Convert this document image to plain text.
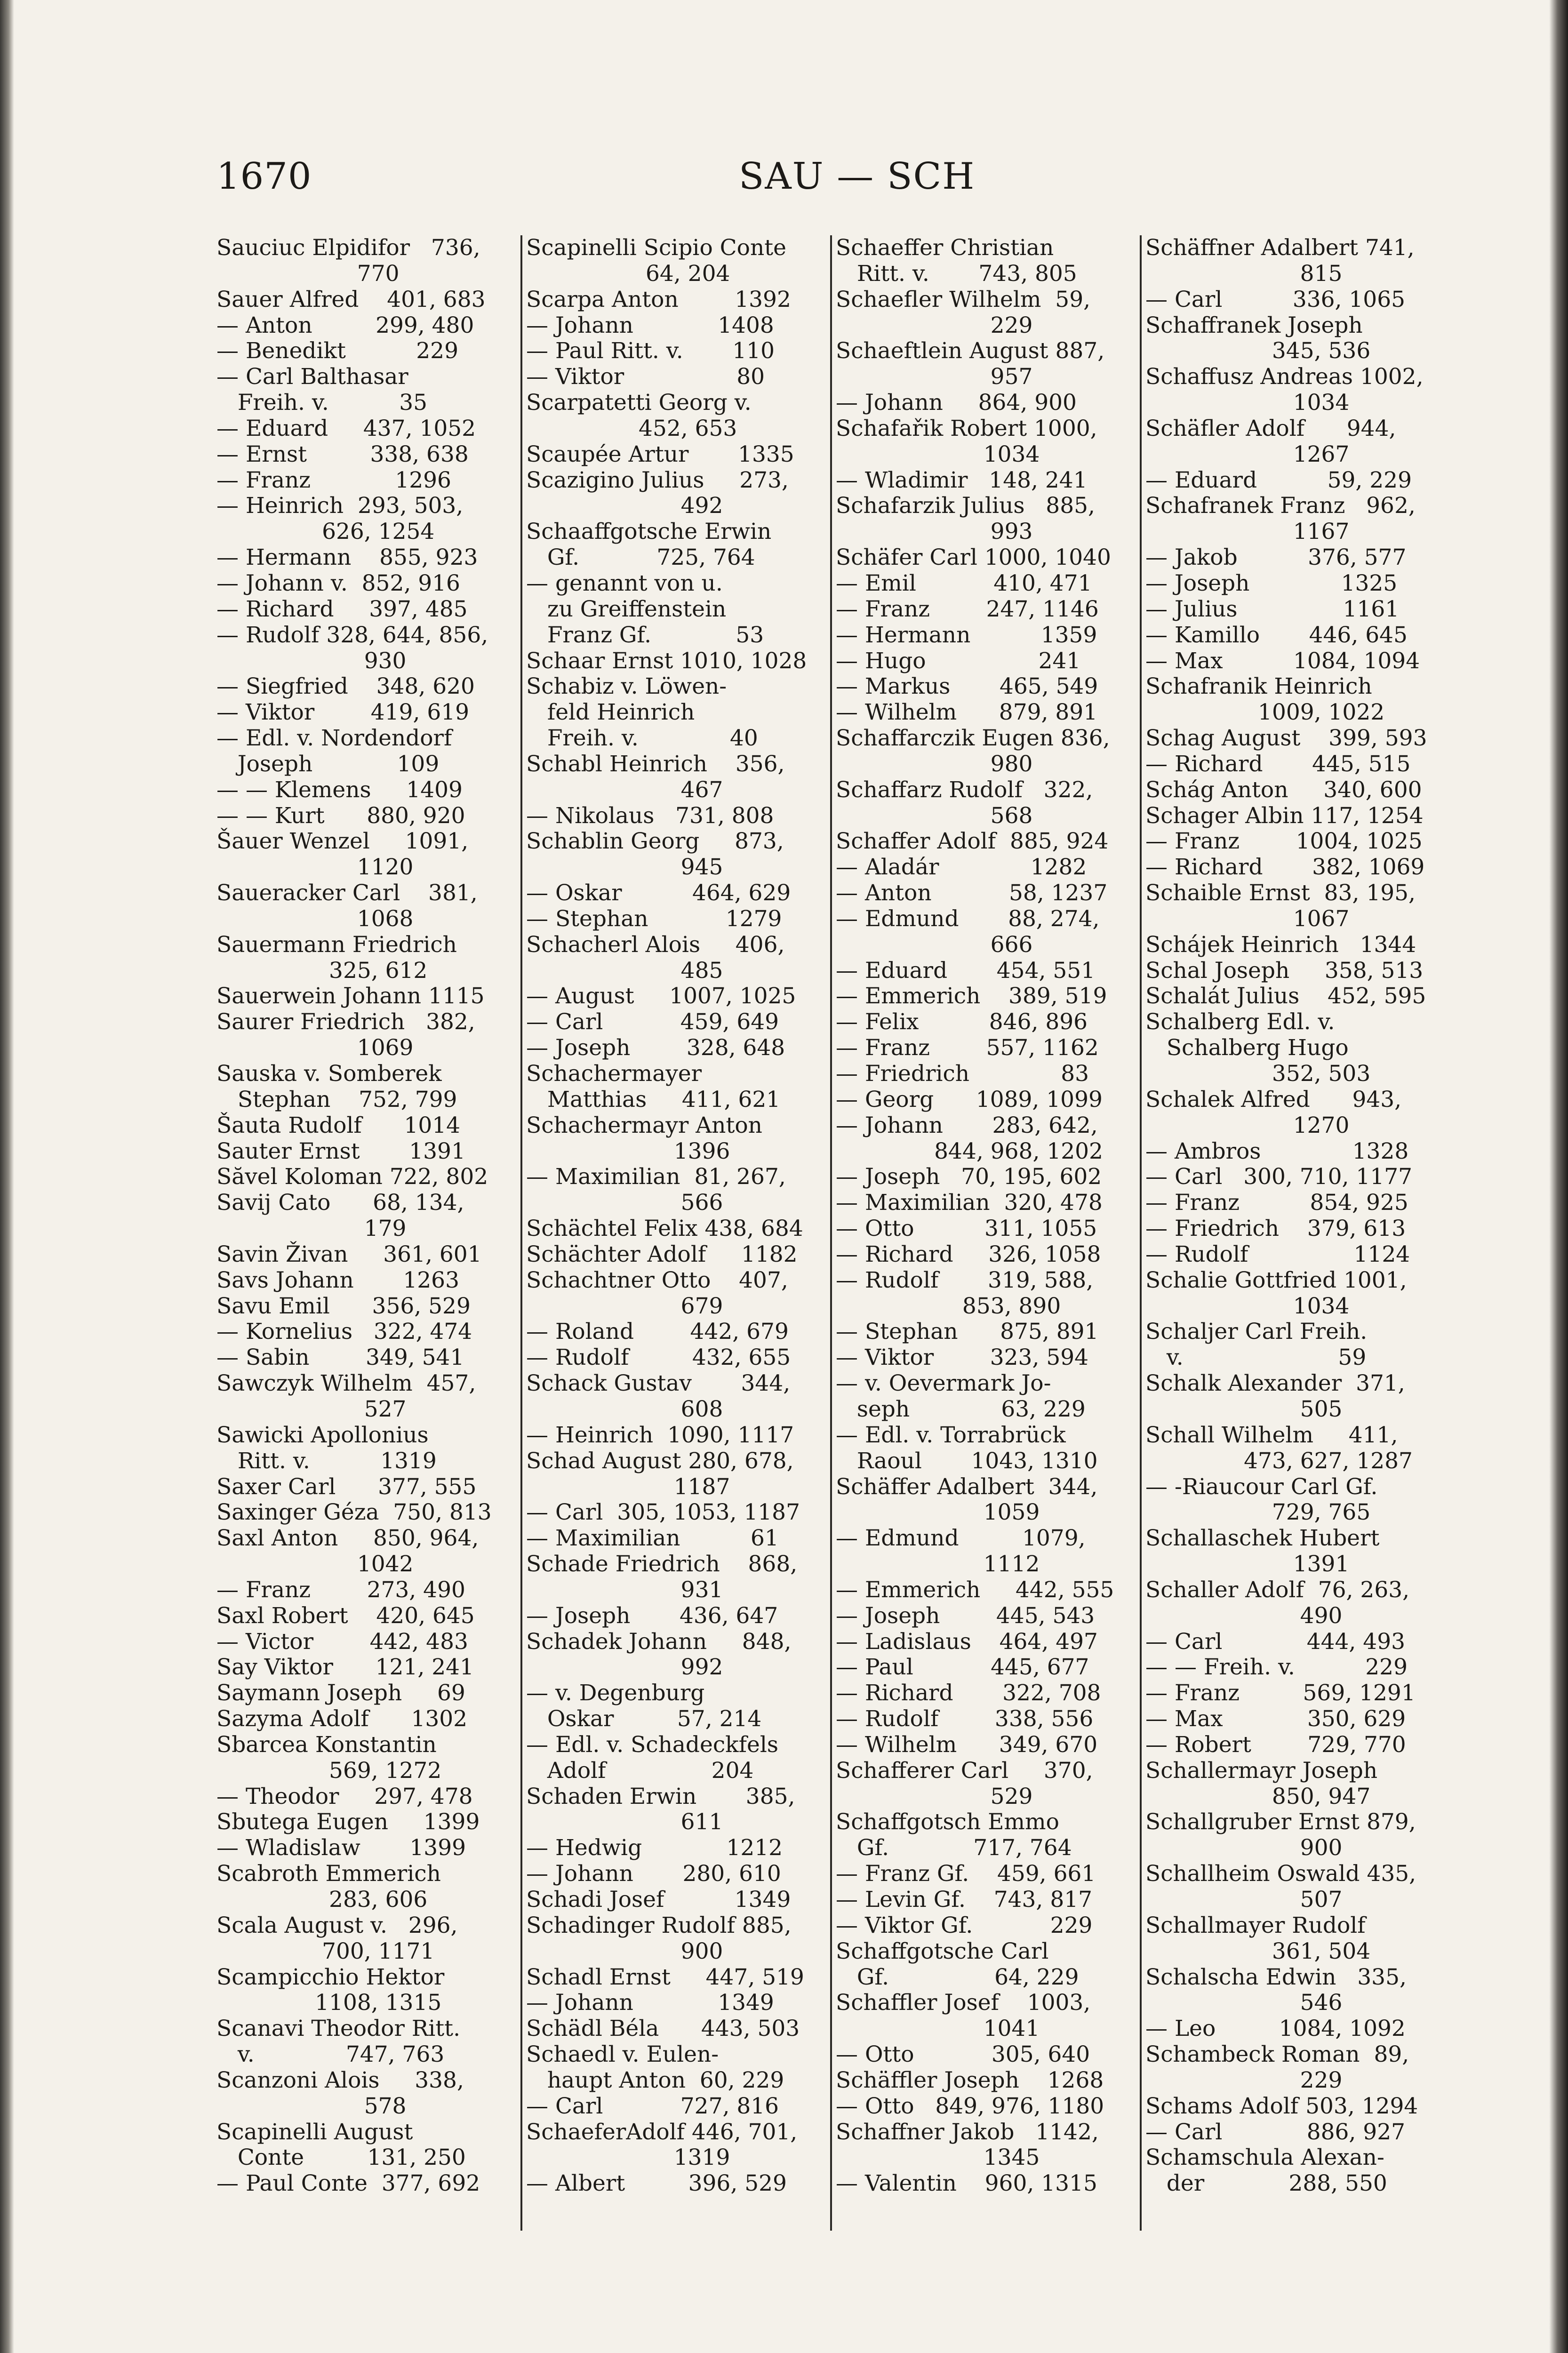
1670	SAU — SCH
Sauciuc Elpidifor   736,
770
Sauer Alfred    401, 683
— Anton         299, 480
— Benedikt          229
— Carl Balthasar
Freih. v.          35
— Eduard     437, 1052
— Ernst         338, 638
— Franz            1296
— Heinrich  293, 503,
626, 1254
— Hermann    855, 923
— Johann v.  852, 916
— Richard     397, 485
— Rudolf 328, 644, 856,
930
— Siegfried    348, 620
— Viktor        419, 619
— Edl. v. Nordendorf
Joseph            109
— — Klemens     1409
— — Kurt      880, 920
Šauer Wenzel     1091,
1120
Saueracker Carl    381,
1068
Sauermann Friedrich
325, 612
Sauerwein Johann 1115
Saurer Friedrich   382,
1069
Sauska v. Somberek
Stephan    752, 799
Šauta Rudolf      1014
Sauter Ernst       1391
Săvel Koloman 722, 802
Savij Cato      68, 134,
179
Savin Živan     361, 601
Savs Johann       1263
Savu Emil      356, 529
— Kornelius   322, 474
— Sabin        349, 541
Sawczyk Wilhelm  457,
527
Sawicki Apollonius
Ritt. v.          1319
Saxer Carl      377, 555
Saxinger Géza  750, 813
Saxl Anton     850, 964,
1042
— Franz        273, 490
Saxl Robert    420, 645
— Victor        442, 483
Say Viktor      121, 241
Saymann Joseph     69
Sazyma Adolf      1302
Sbarcea Konstantin
569, 1272
— Theodor     297, 478
Sbutega Eugen     1399
— Wladislaw       1399
Scabroth Emmerich
283, 606
Scala August v.   296,
700, 1171
Scampicchio Hektor
1108, 1315
Scanavi Theodor Ritt.
v.             747, 763
Scanzoni Alois     338,
578
Scapinelli August
Conte         131, 250
— Paul Conte  377, 692
Scapinelli Scipio Conte
64, 204
Scarpa Anton        1392
— Johann            1408
— Paul Ritt. v.       110
— Viktor                80
Scarpatetti Georg v.
452, 653
Scaupée Artur       1335
Scazigino Julius     273,
492
Schaaffgotsche Erwin
Gf.           725, 764
— genannt von u.
zu Greiffenstein
Franz Gf.            53
Schaar Ernst 1010, 1028
Schabiz v. Löwen-
feld Heinrich
Freih. v.             40
Schabl Heinrich    356,
467
— Nikolaus   731, 808
Schablin Georg     873,
945
— Oskar          464, 629
— Stephan           1279
Schacherl Alois     406,
485
— August     1007, 1025
— Carl           459, 649
— Joseph        328, 648
Schachermayer
Matthias     411, 621
Schachermayr Anton
1396
— Maximilian  81, 267,
566
Schächtel Felix 438, 684
Schächter Adolf     1182
Schachtner Otto    407,
679
— Roland        442, 679
— Rudolf         432, 655
Schack Gustav       344,
608
— Heinrich  1090, 1117
Schad August 280, 678,
1187
— Carl  305, 1053, 1187
— Maximilian          61
Schade Friedrich    868,
931
— Joseph       436, 647
Schadek Johann     848,
992
— v. Degenburg
Oskar         57, 214
— Edl. v. Schadeckfels
Adolf               204
Schaden Erwin       385,
611
— Hedwig            1212
— Johann       280, 610
Schadi Josef          1349
Schadinger Rudolf 885,
900
Schadl Ernst     447, 519
— Johann            1349
Schädl Béla      443, 503
Schaedl v. Eulen-
haupt Anton  60, 229
— Carl           727, 816
SchaeferAdolf 446, 701,
1319
— Albert         396, 529
Schaeffer Christian
Ritt. v.       743, 805
Schaefler Wilhelm  59,
229
Schaeftlein August 887,
957
— Johann     864, 900
Schafařik Robert 1000,
1034
— Wladimir   148, 241
Schafarzik Julius   885,
993
Schäfer Carl 1000, 1040
— Emil           410, 471
— Franz        247, 1146
— Hermann          1359
— Hugo                241
— Markus       465, 549
— Wilhelm      879, 891
Schaffarczik Eugen 836,
980
Schaffarz Rudolf   322,
568
Schaffer Adolf  885, 924
— Aladár             1282
— Anton           58, 1237
— Edmund       88, 274,
666
— Eduard       454, 551
— Emmerich    389, 519
— Felix          846, 896
— Franz        557, 1162
— Friedrich             83
— Georg      1089, 1099
— Johann       283, 642,
844, 968, 1202
— Joseph   70, 195, 602
— Maximilian  320, 478
— Otto          311, 1055
— Richard     326, 1058
— Rudolf       319, 588,
853, 890
— Stephan      875, 891
— Viktor        323, 594
— v. Oevermark Jo-
seph             63, 229
— Edl. v. Torrabrück
Raoul       1043, 1310
Schäffer Adalbert  344,
1059
— Edmund         1079,
1112
— Emmerich     442, 555
— Joseph        445, 543
— Ladislaus    464, 497
— Paul           445, 677
— Richard       322, 708
— Rudolf        338, 556
— Wilhelm      349, 670
Schafferer Carl     370,
529
Schaffgotsch Emmo
Gf.            717, 764
— Franz Gf.    459, 661
— Levin Gf.    743, 817
— Viktor Gf.           229
Schaffgotsche Carl
Gf.               64, 229
Schaffler Josef    1003,
1041
— Otto           305, 640
Schäffler Joseph    1268
— Otto   849, 976, 1180
Schaffner Jakob   1142,
1345
— Valentin    960, 1315
Schäffner Adalbert 741,
815
— Carl          336, 1065
Schaffranek Joseph
345, 536
Schaffusz Andreas 1002,
1034
Schäfler Adolf      944,
1267
— Eduard          59, 229
Schafranek Franz   962,
1167
— Jakob          376, 577
— Joseph             1325
— Julius               1161
— Kamillo       446, 645
— Max          1084, 1094
Schafranik Heinrich
1009, 1022
Schag August    399, 593
— Richard       445, 515
Schág Anton     340, 600
Schager Albin 117, 1254
— Franz        1004, 1025
— Richard       382, 1069
Schaible Ernst  83, 195,
1067
Schájek Heinrich   1344
Schal Joseph     358, 513
Schalát Julius    452, 595
Schalberg Edl. v.
Schalberg Hugo
352, 503
Schalek Alfred      943,
1270
— Ambros             1328
— Carl   300, 710, 1177
— Franz          854, 925
— Friedrich    379, 613
— Rudolf               1124
Schalie Gottfried 1001,
1034
Schaljer Carl Freih.
v.                      59
Schalk Alexander  371,
505
Schall Wilhelm     411,
473, 627, 1287
— -Riaucour Carl Gf.
729, 765
Schallaschek Hubert
1391
Schaller Adolf  76, 263,
490
— Carl            444, 493
— — Freih. v.          229
— Franz         569, 1291
— Max            350, 629
— Robert        729, 770
Schallermayr Joseph
850, 947
Schallgruber Ernst 879,
900
Schallheim Oswald 435,
507
Schallmayer Rudolf
361, 504
Schalscha Edwin   335,
546
— Leo         1084, 1092
Schambeck Roman  89,
229
Schams Adolf 503, 1294
— Carl            886, 927
Schamschula Alexan-
der            288, 550
